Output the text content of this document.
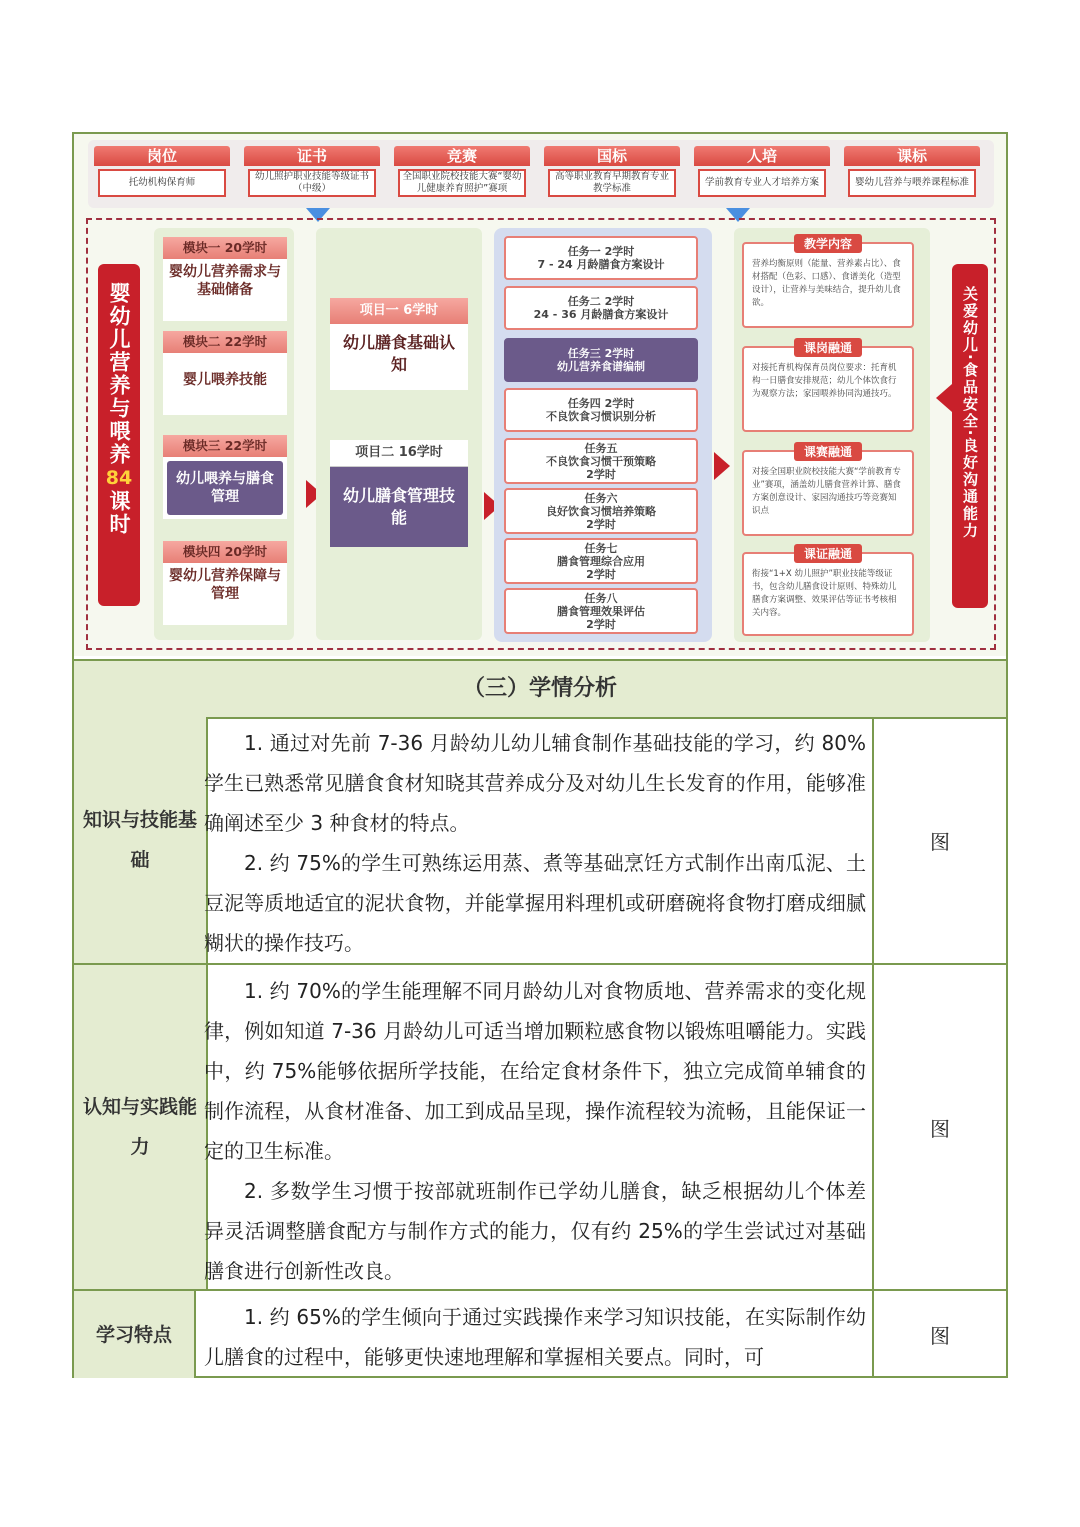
岗位
托幼机构保育师
证书
幼儿照护职业技能等级证书（中级）
竞赛
全国职业院校技能大赛“婴幼儿健康养育照护”赛项
国标
高等职业教育早期教育专业教学标准
人培
学前教育专业人才培养方案
课标
婴幼儿营养与喂养课程标准
婴幼儿营养与喂养
84
课时
模块一 20学时
婴幼儿营养需求与基础储备
模块二 22学时
婴儿喂养技能
模块三 22学时
幼儿喂养与膳食管理
模块四 20学时
婴幼儿营养保障与管理
项目一 6学时
幼儿膳食基础认知
项目二 16学时
幼儿膳食管理技能
任务一 2学时
7 - 24 月龄膳食方案设计
任务二 2学时
24 - 36 月龄膳食方案设计
任务三 2学时
幼儿营养食谱编制
任务四 2学时
不良饮食习惯识别分析
任务五
不良饮食习惯干预策略
2学时
任务六
良好饮食习惯培养策略
2学时
任务七
膳食管理综合应用
2学时
任务八
膳食管理效果评估
2学时
教学内容
营养均衡原则（能量、营养素占比）、食材搭配（色彩、口感）、食谱美化（造型设计），让营养与美味结合，提升幼儿食欲。
课岗融通
对接托育机构保育员岗位要求：托育机构一日膳食安排规范；幼儿个体饮食行为观察方法；家园喂养协同沟通技巧。
课赛融通
对接全国职业院校技能大赛“学前教育专业”赛项，涵盖幼儿膳食营养计算、膳食方案创意设计、家园沟通技巧等竞赛知识点
课证融通
衔接“1+X 幼儿照护”职业技能等级证书，包含幼儿膳食设计原则、特殊幼儿膳食方案调整、效果评估等证书考核相关内容。
关爱幼儿·食品安全·良好沟通能力
（三）学情分析
知识与技能基础

1. 通过对先前 7-36 月龄幼儿幼儿辅食制作基础技能的学习，约 80%学生已熟悉常见膳食食材知晓其营养成分及对幼儿生长发育的作用，能够准确阐述至少 3 种食材的特点。

2. 约 75%的学生可熟练运用蒸、煮等基础烹饪方式制作出南瓜泥、土豆泥等质地适宜的泥状食物，并能掌握用料理机或研磨碗将食物打磨成细腻糊状的操作技巧。

图
认知与实践能力

1. 约 70%的学生能理解不同月龄幼儿对食物质地、营养需求的变化规律，例如知道 7-36 月龄幼儿可适当增加颗粒感食物以锻炼咀嚼能力。实践中，约 75%能够依据所学技能，在给定食材条件下，独立完成简单辅食的制作流程，从食材准备、加工到成品呈现，操作流程较为流畅，且能保证一定的卫生标准。

2. 多数学生习惯于按部就班制作已学幼儿膳食，缺乏根据幼儿个体差异灵活调整膳食配方与制作方式的能力，仅有约 25%的学生尝试过对基础膳食进行创新性改良。

图
学习特点

1. 约 65%的学生倾向于通过实践操作来学习知识技能，在实际制作幼儿膳食的过程中，能够更快速地理解和掌握相关要点。同时，可

图
